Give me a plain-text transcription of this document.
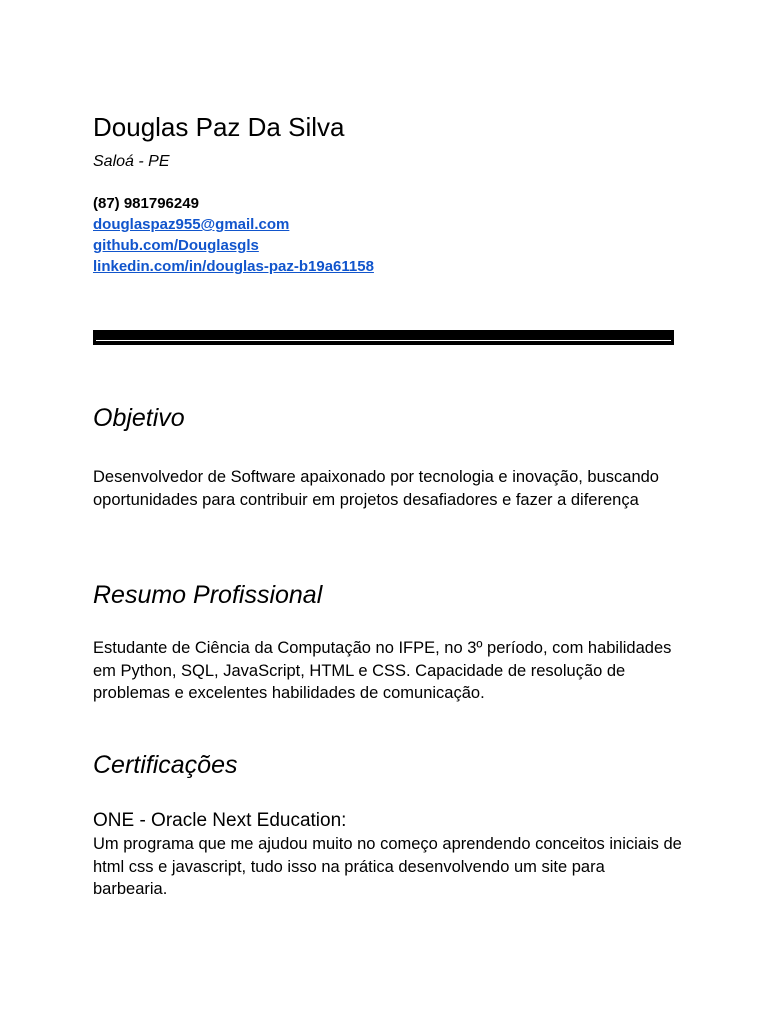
Douglas Paz Da Silva
Saloá - PE
(87) 981796249
douglaspaz955@gmail.com
github.com/Douglasgls
linkedin.com/in/douglas-paz-b19a61158
Objetivo

Desenvolvedor de Software apaixonado por tecnologia e inovação, buscando oportunidades para contribuir em projetos desafiadores e fazer a diferença

Resumo Profissional

Estudante de Ciência da Computação no IFPE, no 3º período, com habilidades em Python, SQL, JavaScript, HTML e CSS. Capacidade de resolução de problemas e excelentes habilidades de comunicação.

Certificações
ONE - Oracle Next Education:

Um programa que me ajudou muito no começo aprendendo conceitos iniciais de html css e javascript, tudo isso na prática desenvolvendo um site para barbearia.
